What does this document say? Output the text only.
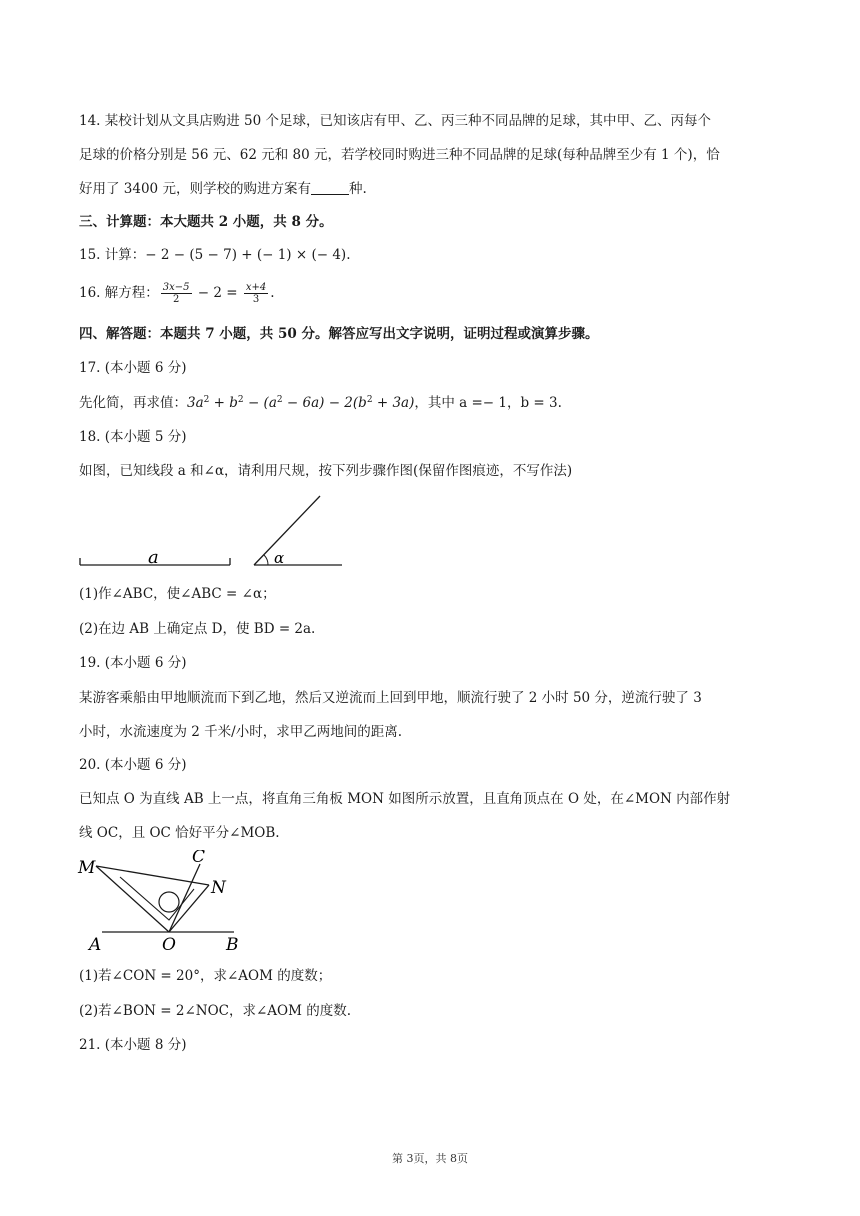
14. 某校计划从文具店购进 50 个足球，已知该店有甲、乙、丙三种不同品牌的足球，其中甲、乙、丙每个
足球的价格分别是 56 元、62 元和 80 元，若学校同时购进三种不同品牌的足球(每种品牌至少有 1 个)，恰
好用了 3400 元，则学校的购进方案有	种.
三、计算题：本大题共 2 小题，共 8 分。
15. 计算：− 2 − (5 − 7) + (− 1) × (− 4).
16. 解方程： $\frac{3x-5}{2} - 2 = \frac{x+4}{3}$ .
四、解答题：本题共 7 小题，共 50 分。解答应写出文字说明，证明过程或演算步骤。
17. (本小题 6 分)
先化简，再求值：$3a^2 + b^2 - (a^2 - 6a) - 2(b^2 + 3a)$，其中 a =− 1，b = 3.
18. (本小题 5 分)
如图，已知线段 a 和∠α，请利用尺规，按下列步骤作图(保留作图痕迹，不写作法)
a	α
(1)作∠ABC，使∠ABC = ∠α；
(2)在边 AB 上确定点 D，使 BD = 2a.
19. (本小题 6 分)
某游客乘船由甲地顺流而下到乙地，然后又逆流而上回到甲地，顺流行驶了 2 小时 50 分，逆流行驶了 3
小时，水流速度为 2 千米/小时，求甲乙两地间的距离.
20. (本小题 6 分)
已知点 O 为直线 AB 上一点，将直角三角板 MON 如图所示放置，且直角顶点在 O 处，在∠MON 内部作射
线 OC，且 OC 恰好平分∠MOB.
M
C
N
A	O	B
(1)若∠CON = 20°，求∠AOM 的度数；
(2)若∠BON = 2∠NOC，求∠AOM 的度数.
21. (本小题 8 分)
第 3页，共 8页
